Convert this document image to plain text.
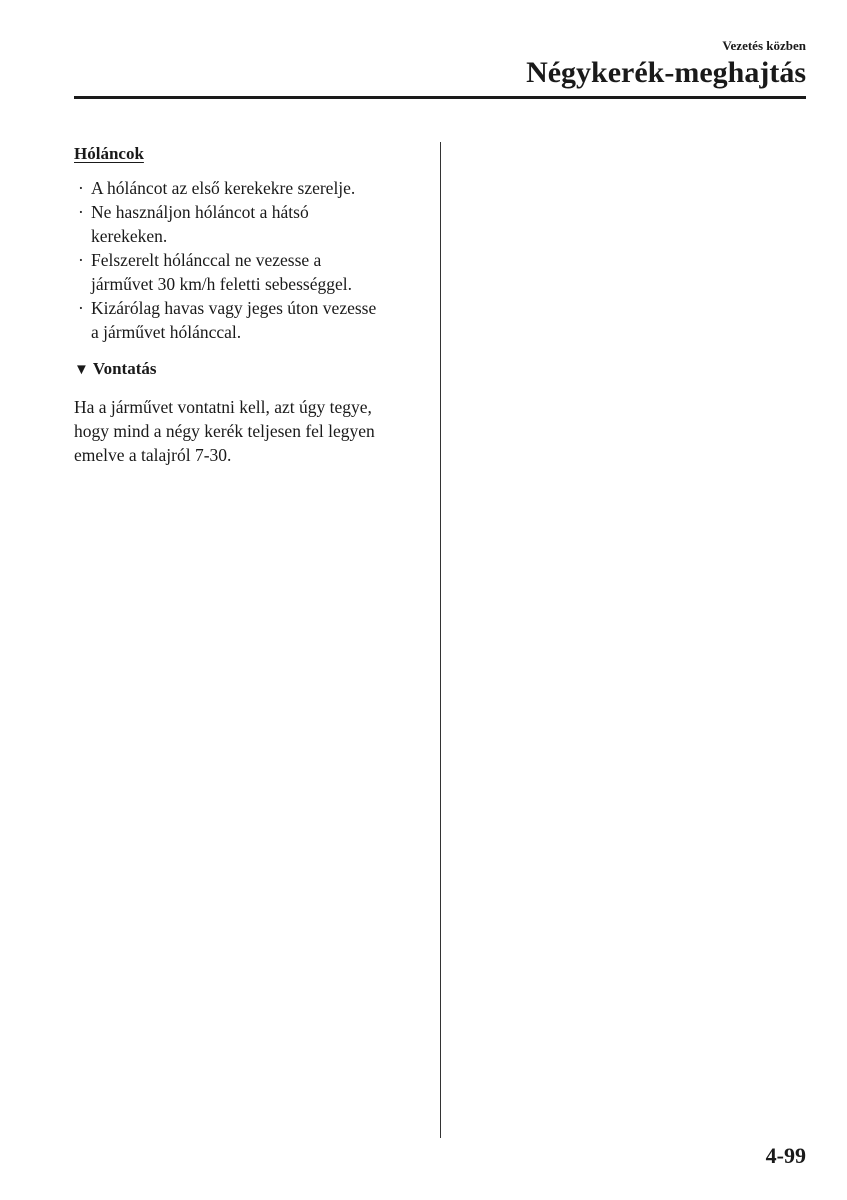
Vezetés közben
Négykerék-meghajtás
Hóláncok
· A hóláncot az első kerekekre szerelje.
· Ne használjon hóláncot a hátsó
kerekeken.
· Felszerelt hólánccal ne vezesse a
járművet 30 km/h feletti sebességgel.
· Kizárólag havas vagy jeges úton vezesse
a járművet hólánccal.
▼ Vontatás
Ha a járművet vontatni kell, azt úgy tegye,
hogy mind a négy kerék teljesen fel legyen
emelve a talajról 7-30.
4-99
